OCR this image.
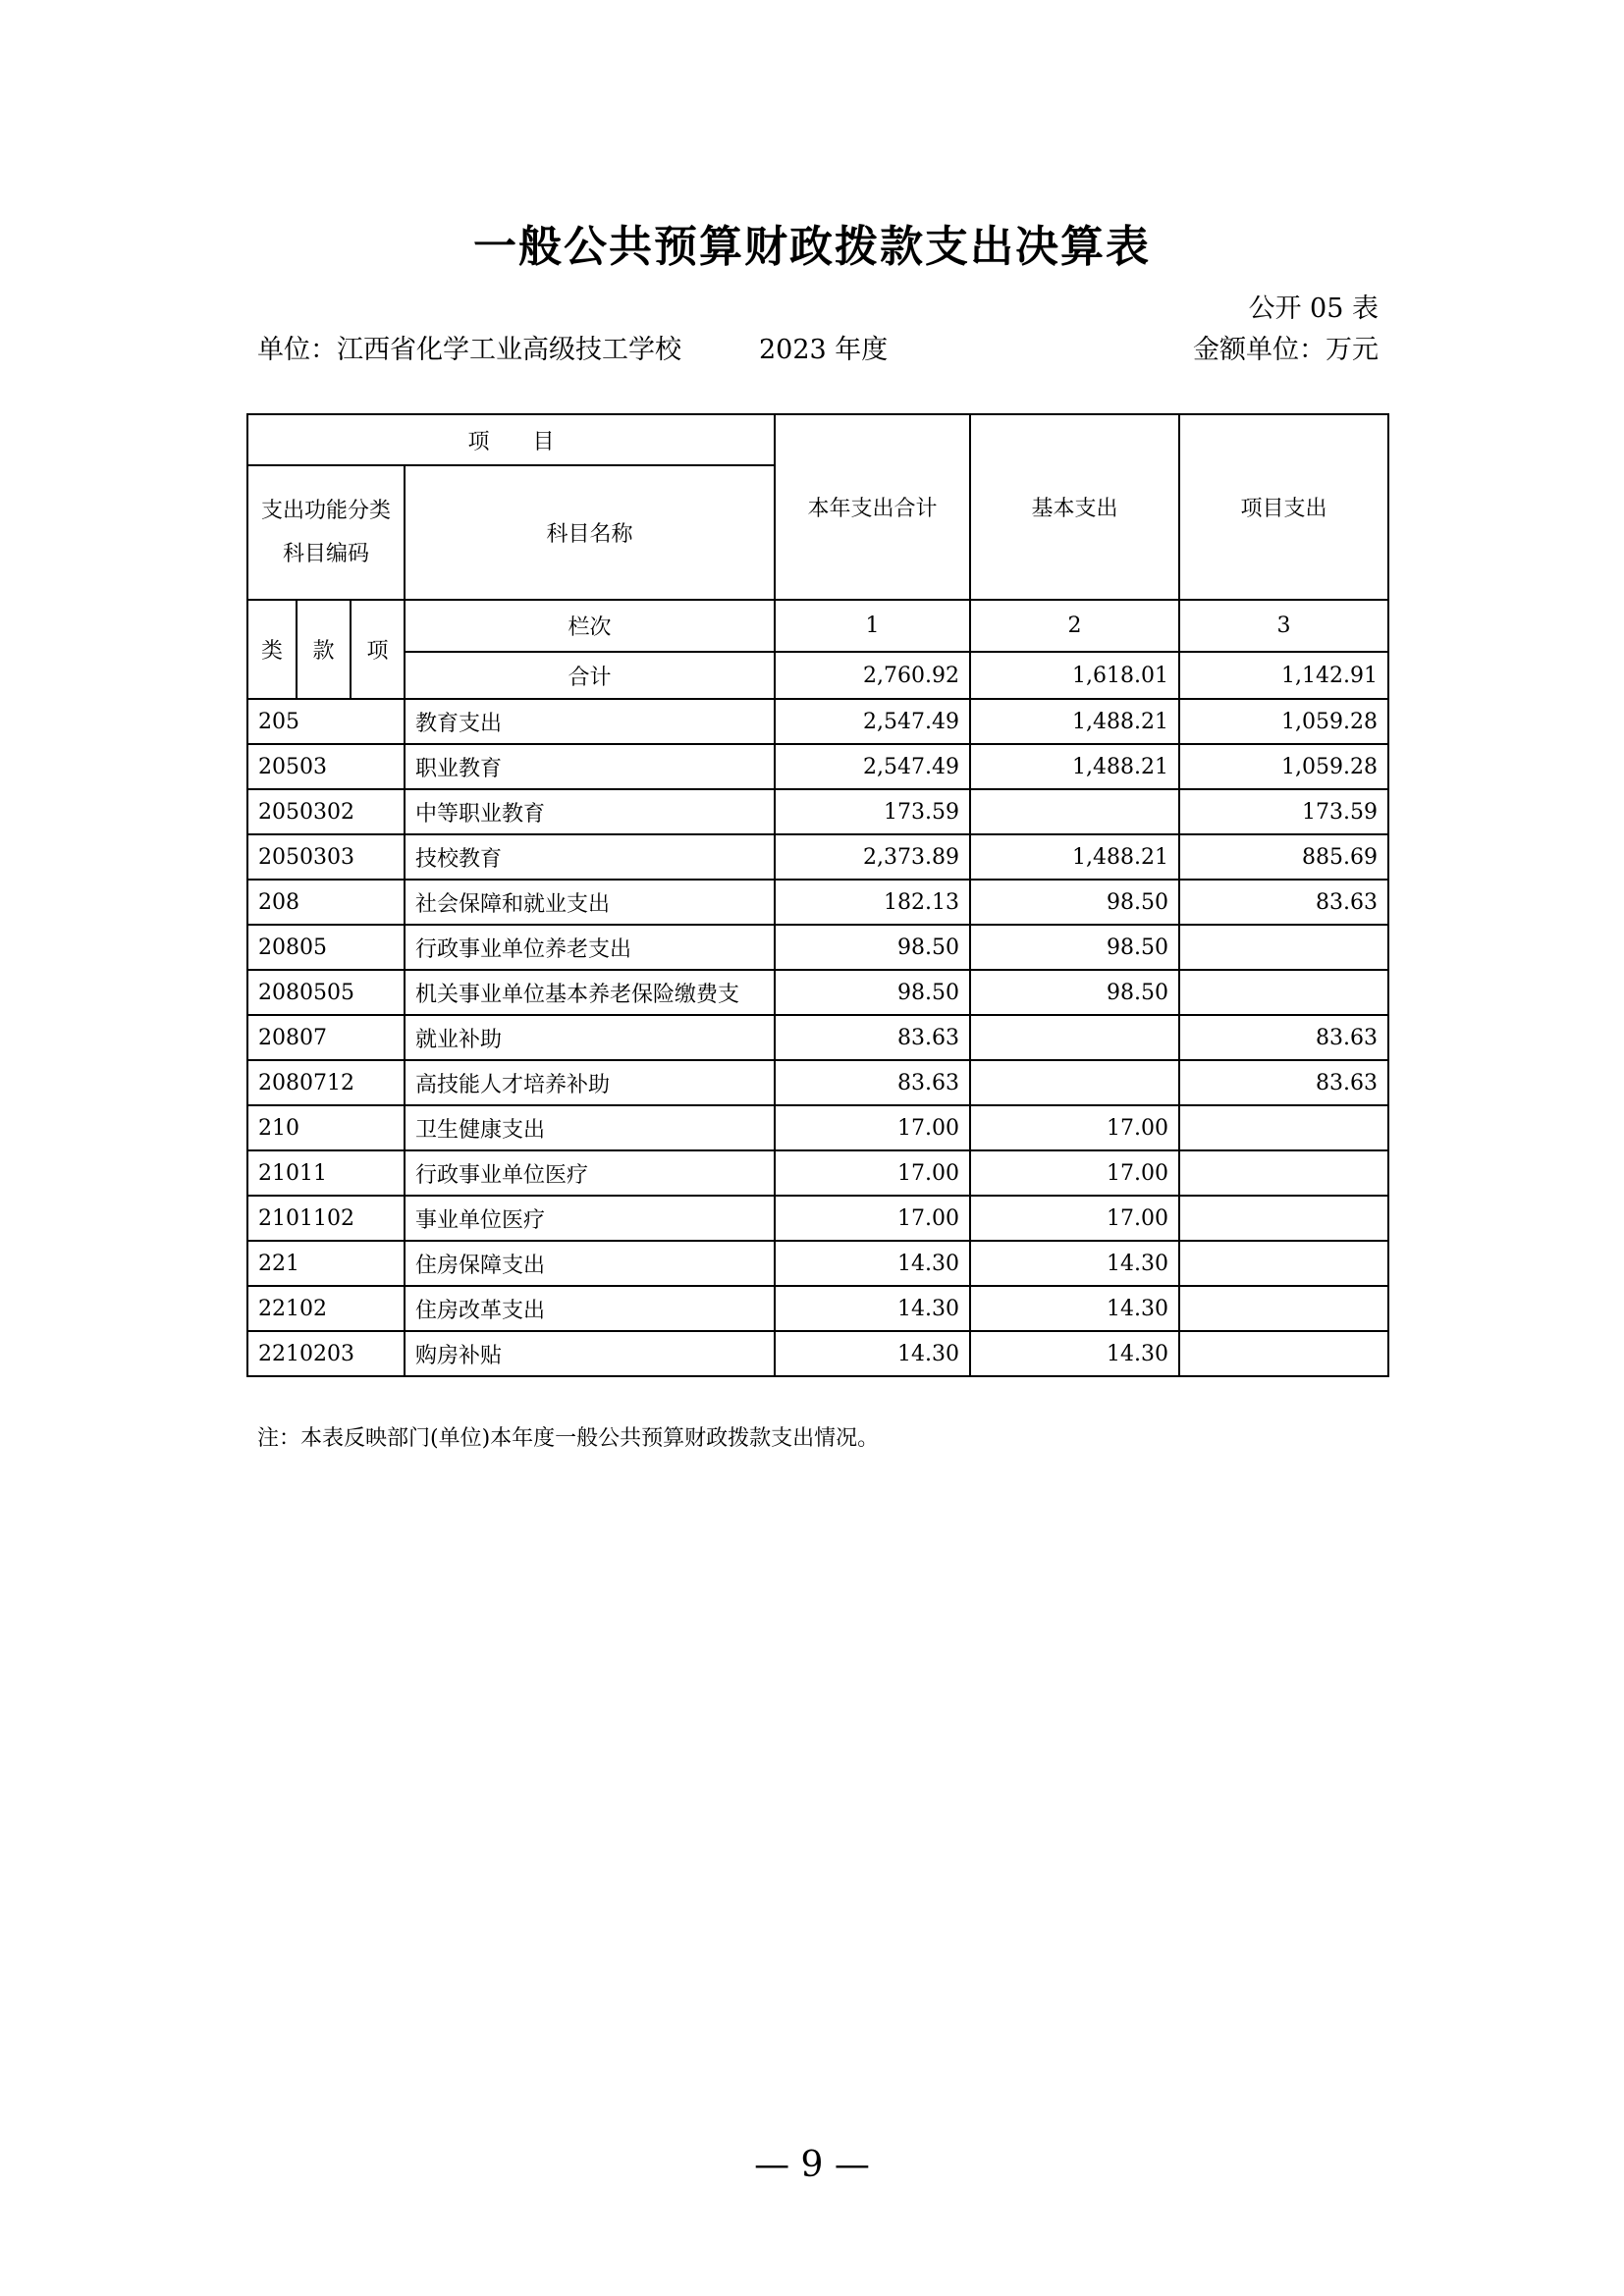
一般公共预算财政拨款支出决算表
公开 05 表
单位：江西省化学工业高级技工学校	2023 年度	金额单位：万元
项　　目				本年支出合计	基本支出	项目支出
支出功能分类科目编码			科目名称			
类	款	项	栏次	1	2	3
			合计	2,760.92	1,618.01	1,142.91
205			教育支出	2,547.49	1,488.21	1,059.28
20503			职业教育	2,547.49	1,488.21	1,059.28
2050302			中等职业教育	173.59		173.59
2050303			技校教育	2,373.89	1,488.21	885.69
208			社会保障和就业支出	182.13	98.50	83.63
20805			行政事业单位养老支出	98.50	98.50	
2080505			机关事业单位基本养老保险缴费支	98.50	98.50	
20807			就业补助	83.63		83.63
2080712			高技能人才培养补助	83.63		83.63
210			卫生健康支出	17.00	17.00	
21011			行政事业单位医疗	17.00	17.00	
2101102			事业单位医疗	17.00	17.00	
221			住房保障支出	14.30	14.30	
22102			住房改革支出	14.30	14.30	
2210203			购房补贴	14.30	14.30	
注：本表反映部门(单位)本年度一般公共预算财政拨款支出情况。
— 9 —
